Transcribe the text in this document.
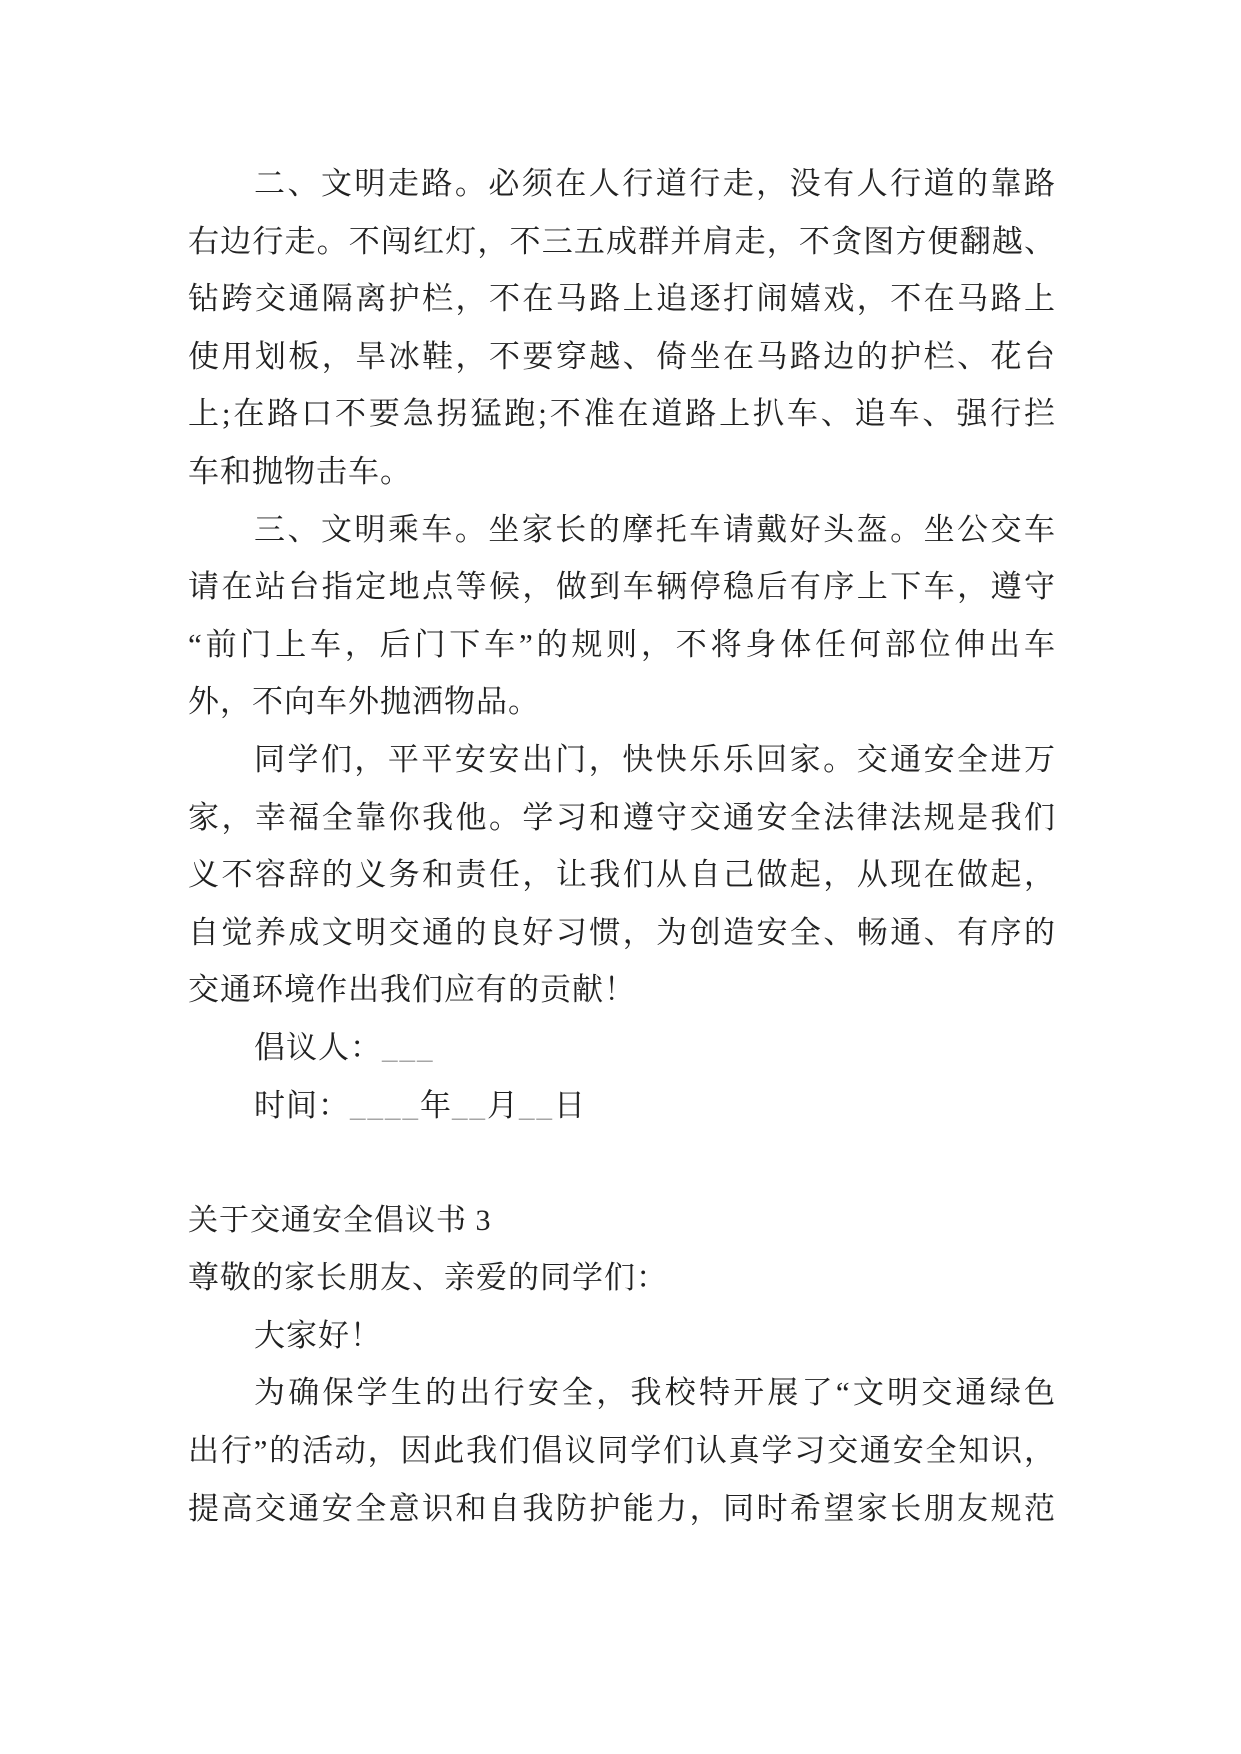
二、文明走路。必须在人行道行走，没有人行道的靠路
右边行走。不闯红灯，不三五成群并肩走，不贪图方便翻越、
钻跨交通隔离护栏，不在马路上追逐打闹嬉戏，不在马路上
使用划板，旱冰鞋，不要穿越、倚坐在马路边的护栏、花台
上;在路口不要急拐猛跑;不准在道路上扒车、追车、强行拦
车和抛物击车。
三、文明乘车。坐家长的摩托车请戴好头盔。坐公交车
请在站台指定地点等候，做到车辆停稳后有序上下车，遵守
“前门上车，后门下车”的规则，不将身体任何部位伸出车
外，不向车外抛洒物品。
同学们，平平安安出门，快快乐乐回家。交通安全进万
家，幸福全靠你我他。学习和遵守交通安全法律法规是我们
义不容辞的义务和责任，让我们从自己做起，从现在做起，
自觉养成文明交通的良好习惯，为创造安全、畅通、有序的
交通环境作出我们应有的贡献！
倡议人：___
时间：____年__月__日
关于交通安全倡议书 3
尊敬的家长朋友、亲爱的同学们：
大家好！
为确保学生的出行安全，我校特开展了“文明交通绿色
出行”的活动，因此我们倡议同学们认真学习交通安全知识，
提高交通安全意识和自我防护能力，同时希望家长朋友规范
